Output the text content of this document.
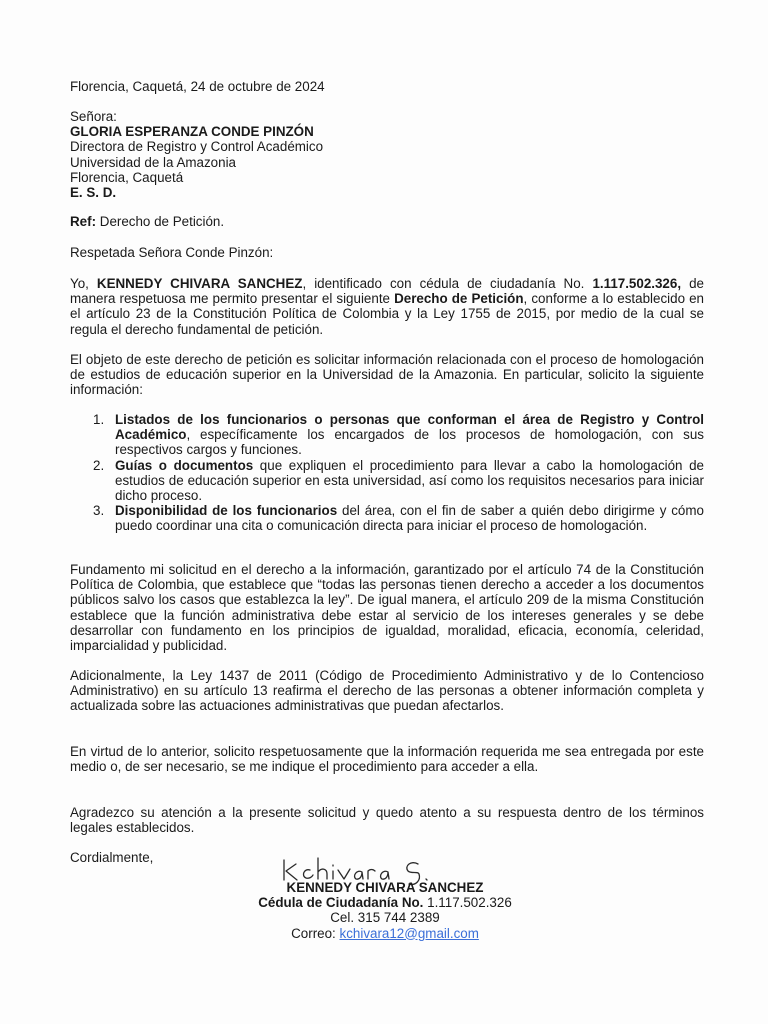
Florencia, Caquetá, 24 de octubre de 2024

Señora:

GLORIA ESPERANZA CONDE PINZÓN

Directora de Registro y Control Académico

Universidad de la Amazonia

Florencia, Caquetá

E. S. D.

Ref: Derecho de Petición.

Respetada Señora Conde Pinzón:

Yo, KENNEDY CHIVARA SANCHEZ, identificado con cédula de ciudadanía No. 1.117.502.326, de manera respetuosa me permito presentar el siguiente Derecho de Petición, conforme a lo establecido en el artículo 23 de la Constitución Política de Colombia y la Ley 1755 de 2015, por medio de la cual se regula el derecho fundamental de petición.

El objeto de este derecho de petición es solicitar información relacionada con el proceso de homologación de estudios de educación superior en la Universidad de la Amazonia. En particular, solicito la siguiente información:

1. Listados de los funcionarios o personas que conforman el área de Registro y Control Académico, específicamente los encargados de los procesos de homologación, con sus respectivos cargos y funciones.
2. Guías o documentos que expliquen el procedimiento para llevar a cabo la homologación de estudios de educación superior en esta universidad, así como los requisitos necesarios para iniciar dicho proceso.
3. Disponibilidad de los funcionarios del área, con el fin de saber a quién debo dirigirme y cómo puedo coordinar una cita o comunicación directa para iniciar el proceso de homologación.

Fundamento mi solicitud en el derecho a la información, garantizado por el artículo 74 de la Constitución Política de Colombia, que establece que “todas las personas tienen derecho a acceder a los documentos públicos salvo los casos que establezca la ley”. De igual manera, el artículo 209 de la misma Constitución establece que la función administrativa debe estar al servicio de los intereses generales y se debe desarrollar con fundamento en los principios de igualdad, moralidad, eficacia, economía, celeridad, imparcialidad y publicidad.

Adicionalmente, la Ley 1437 de 2011 (Código de Procedimiento Administrativo y de lo Contencioso Administrativo) en su artículo 13 reafirma el derecho de las personas a obtener información completa y actualizada sobre las actuaciones administrativas que puedan afectarlos.

En virtud de lo anterior, solicito respetuosamente que la información requerida me sea entregada por este medio o, de ser necesario, se me indique el procedimiento para acceder a ella.

Agradezco su atención a la presente solicitud y quedo atento a su respuesta dentro de los términos legales establecidos.

Cordialmente,

KENNEDY CHIVARA SANCHEZ

Cédula de Ciudadanía No. 1.117.502.326

Cel. 315 744 2389

Correo: kchivara12@gmail.com
